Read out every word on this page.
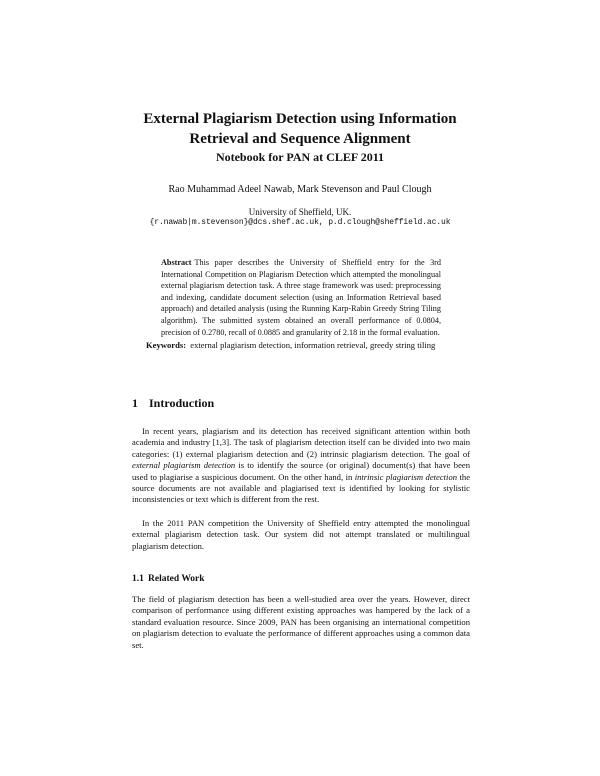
External Plagiarism Detection using Information
Retrieval and Sequence Alignment
Notebook for PAN at CLEF 2011
Rao Muhammad Adeel Nawab, Mark Stevenson and Paul Clough
University of Sheffield, UK.
{r.nawab|m.stevenson}@dcs.shef.ac.uk, p.d.clough@sheffield.ac.uk
Abstract This paper describes the University of Sheffield entry for the 3rd International Competition on Plagiarism Detection which attempted the monolingual external plagiarism detection task. A three stage framework was used: preprocessing and indexing, candidate document selection (using an Information Retrieval based approach) and detailed analysis (using the Running Karp-Rabin Greedy String Tiling algorithm). The submitted system obtained an overall performance of 0.0804, precision of 0.2780, recall of 0.0885 and granularity of 2.18 in the formal evaluation.
Keywords: external plagiarism detection, information retrieval, greedy string tiling
1 Introduction

In recent years, plagiarism and its detection has received significant attention within both academia and industry [1,3]. The task of plagiarism detection itself can be divided into two main categories: (1) external plagiarism detection and (2) intrinsic plagiarism detection. The goal of external plagiarism detection is to identify the source (or original) document(s) that have been used to plagiarise a suspicious document. On the other hand, in intrinsic plagiarism detection the source documents are not available and plagiarised text is identified by looking for stylistic inconsistencies or text which is different from the rest.

In the 2011 PAN competition the University of Sheffield entry attempted the monolingual external plagiarism detection task. Our system did not attempt translated or multilingual plagiarism detection.

1.1 Related Work

The field of plagiarism detection has been a well-studied area over the years. However, direct comparison of performance using different existing approaches was hampered by the lack of a standard evaluation resource. Since 2009, PAN has been organising an international competition on plagiarism detection to evaluate the performance of different approaches using a common data set.
